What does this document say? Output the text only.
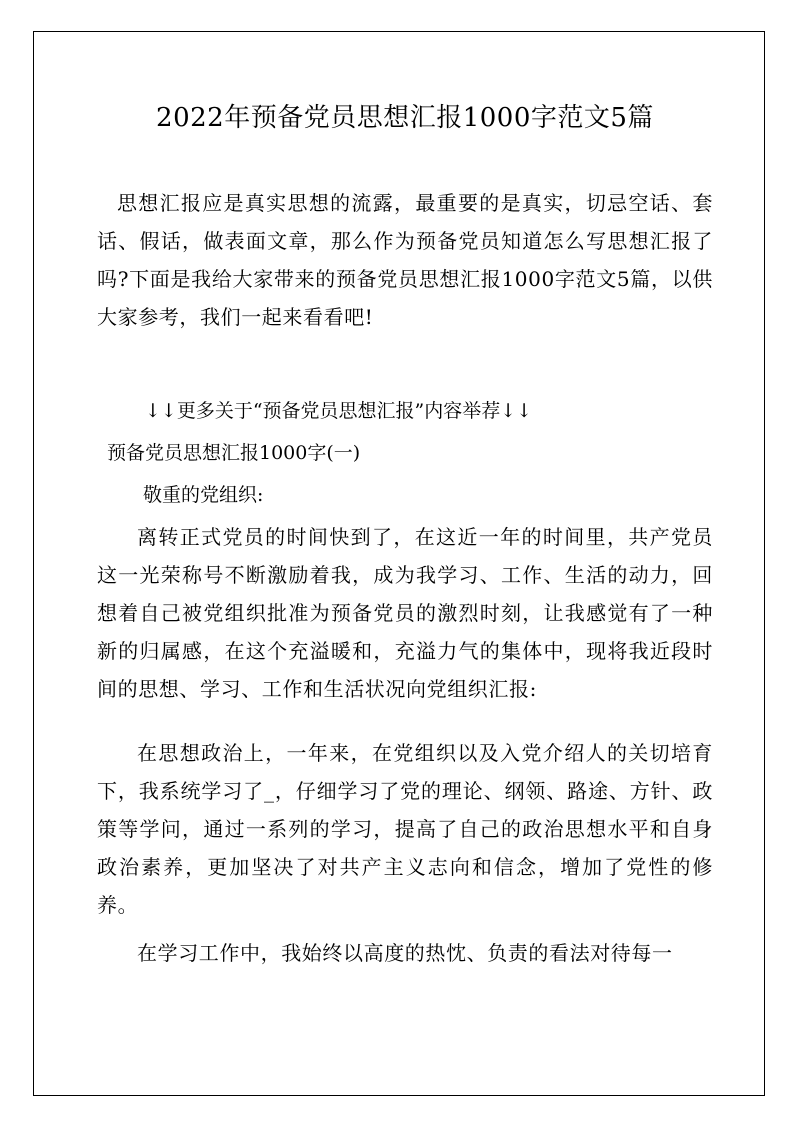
2022年预备党员思想汇报1000字范文5篇
思想汇报应是真实思想的流露，最重要的是真实，切忌空话、套话、假话，做表面文章，那么作为预备党员知道怎么写思想汇报了吗?下面是我给大家带来的预备党员思想汇报1000字范文5篇，以供大家参考，我们一起来看看吧!
↓↓更多关于“预备党员思想汇报”内容举荐↓↓
预备党员思想汇报1000字(一)
敬重的党组织:
离转正式党员的时间快到了，在这近一年的时间里，共产党员这一光荣称号不断激励着我，成为我学习、工作、生活的动力，回想着自己被党组织批准为预备党员的激烈时刻，让我感觉有了一种新的归属感，在这个充溢暖和，充溢力气的集体中，现将我近段时间的思想、学习、工作和生活状况向党组织汇报:
在思想政治上，一年来，在党组织以及入党介绍人的关切培育下，我系统学习了_，仔细学习了党的理论、纲领、路途、方针、政策等学问，通过一系列的学习，提高了自己的政治思想水平和自身政治素养，更加坚决了对共产主义志向和信念，增加了党性的修养。
在学习工作中，我始终以高度的热忱、负责的看法对待每一
